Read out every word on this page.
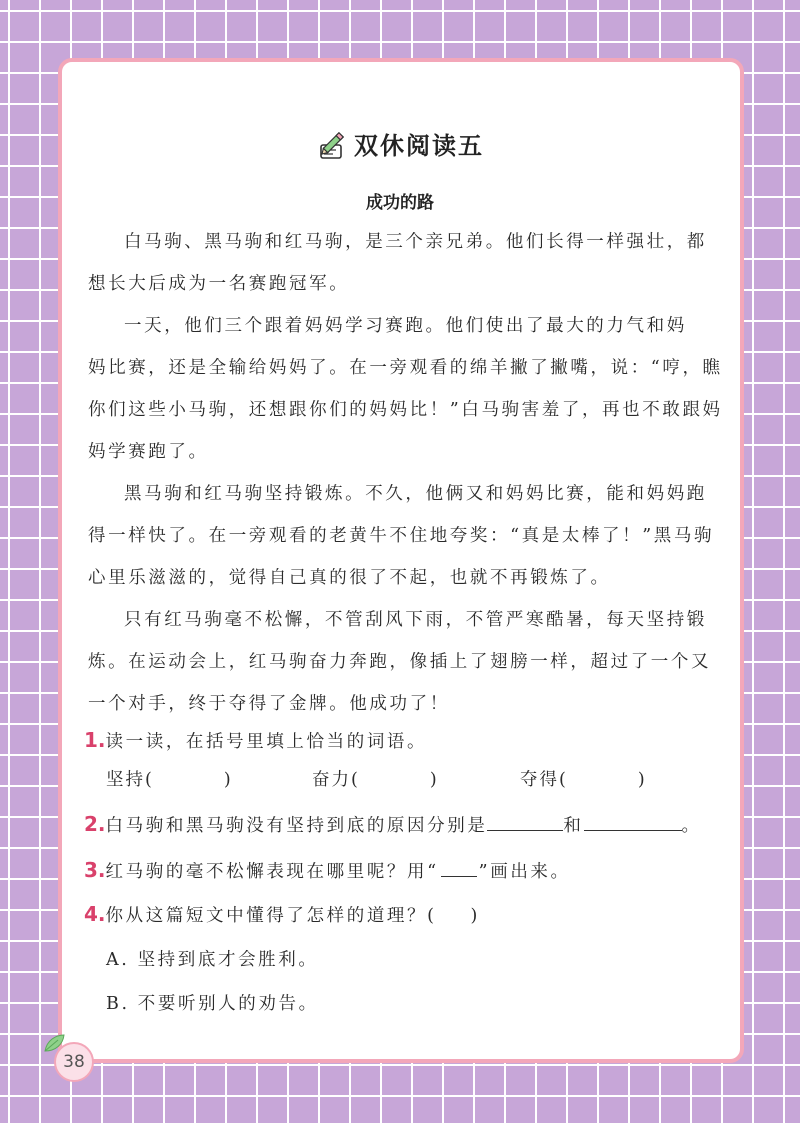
双休阅读五
成功的路
白马驹、黑马驹和红马驹，是三个亲兄弟。他们长得一样强壮，都
想长大后成为一名赛跑冠军。
一天，他们三个跟着妈妈学习赛跑。他们使出了最大的力气和妈
妈比赛，还是全输给妈妈了。在一旁观看的绵羊撇了撇嘴，说：“哼，瞧
你们这些小马驹，还想跟你们的妈妈比！”白马驹害羞了，再也不敢跟妈
妈学赛跑了。
黑马驹和红马驹坚持锻炼。不久，他俩又和妈妈比赛，能和妈妈跑
得一样快了。在一旁观看的老黄牛不住地夸奖：“真是太棒了！”黑马驹
心里乐滋滋的，觉得自己真的很了不起，也就不再锻炼了。
只有红马驹毫不松懈，不管刮风下雨，不管严寒酷暑，每天坚持锻
炼。在运动会上，红马驹奋力奔跑，像插上了翅膀一样，超过了一个又
一个对手，终于夺得了金牌。他成功了！
1.读一读，在括号里填上恰当的词语。
坚持(	)	奋力(	)	夺得(	)
2.白马驹和黑马驹没有坚持到底的原因分别是	和	。
3.红马驹的毫不松懈表现在哪里呢？用“ ”画出来。
4.你从这篇短文中懂得了怎样的道理？( )
A. 坚持到底才会胜利。
B. 不要听别人的劝告。
38
